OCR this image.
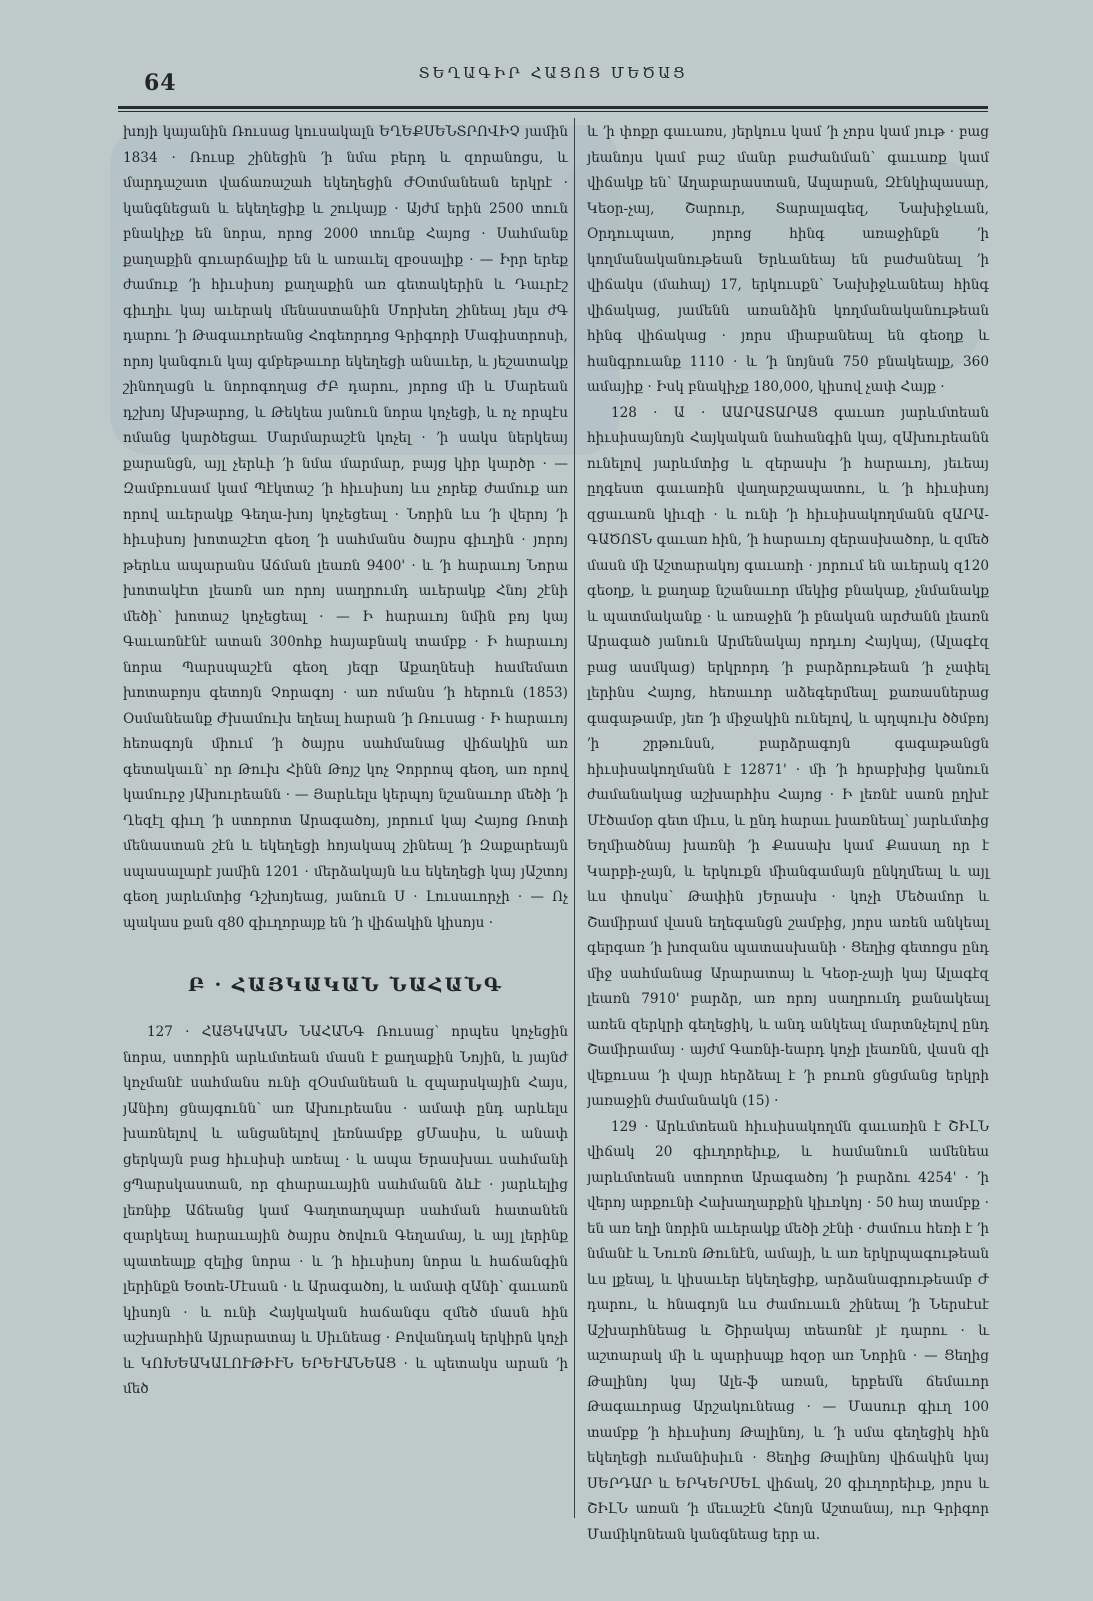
64	ՏԵՂԱԳԻՐ ՀԱՑՈՑ ՄԵԾԱՑ

խոյի կայանին Ռուսաց կուսակալն ԵՂԵՔՍԵՆՏՐՈՎԻՉ յամին 1834 · Ռուսք շինեցին ՚ի նմա բերդ և զորանոցս, և մարդաշատ վաճառաշահ եկեղեցին ԺՕտմանեան երկրէ · կանգնեցան և եկեղեցիք և շուկայք · Այժմ երին 2500 տուն բնակիչք են նորա, որոց 2000 տունք Հայոց · Սահմանք քաղաքին գուարճալիք են և առաւել զբօսալիք · — Իրր երեք ժամուք ՚ի հիւսիսոյ քաղաքին առ գետակերին և Դաւրէշ գիւղիւ կայ աւերակ մենաստանին Մորխեղ շինեալ յելս ժԳ դարու ՚ի Թագաւորեանց Հոգեորդոց Գրիգորի Մագիստրոսի, որոյ կանգուն կայ գմբեթաւոր եկեղեցի անաւեր, և յեշատակք շինողացն և նորոգողաց ԺԲ դարու, յորոց մի և Մարեան դշխոյ Ախթարոց, և Թեկեա յանուն նորա կոչեցի, և ոչ որպէս ոմանց կարծեցաւ Մարմարաշէն կոչել · ՚ի սակս ներկեայ քարանցն, այլ չերևի ՚ի նմա մարմար, բայց կիր կարծր · — Զամբուսամ կամ Պէկտաշ ՚ի հիւսիսոյ ևս չորեք ժամուք առ որով աւերակք Գեղա-խոյ կոչեցեալ · Նորին ևս ՚ի վերոյ ՚ի հիւսիսոյ խոտաշէտ գեօղ ՚ի սահմանս ծայրս գիւղին · յորոյ թերևս ապարանս Աճման լեառն 9400' · և ՚ի հարաւոյ Նորա խոտակէտ լեառն առ որոյ սաղրումդ աւերակք Հնոյ շէնի մեծի՝ խոտաշ կոչեցեալ · — Ի հարաւոյ նմին բոյ կայ Գաւառնէնէ ատան 300ոհք հայաբնակ տամբք · Ի հարաւոյ նորա Պարսպաշէն գեօղ յեզր Աքաղնեսի համեմատ խոտաբոյս գետոյն Չորագոյ · առ ոմանս ՚ի հերուն (1853) Օսմանեանք Ժխամուխ եղեալ հարան ՚ի Ռուսաց · Ի հարաւոյ հեռագոյն միում ՚ի ծայրս սահմանաց վիճակին առ գետակաւն՝ որ Թուխ Հինն Թոյշ կոչ Չորրոպ գեօղ, առ որով կամուրջ յԱխուրեանն · — Յարևելս կերպոյ նշանաւոր մեծի ՚ի Ղեզէլ գիւղ ՚ի ստորոտ Արագածոյ, յորում կայ Հայոց Ռոտի մենաստան շէն և եկեղեցի հոյակապ շինեալ ՚ի Զաքարեայն սպասալարէ յամին 1201 · մերձակայն ևս եկեղեցի կայ յԱշտոյ գեօղ յարևմտից Դշխոյեաց, յանուն Ս · Լուսաւորչի · — Ոչ պակաս քան զ80 գիւղորայք են ՚ի վիճակին կիսոյս ·

Բ · ՀԱՅԿԱԿԱՆ ՆԱՀԱՆԳ

127 · ՀԱՅԿԱԿԱՆ ՆԱՀԱՆԳ Ռուսաց՝ որպես կոչեցին նորա, ստորին արևմտեան մասն է քաղաքին Նոյին, և յայնժ կոչմանէ սահմանս ունի զՕսմանեան և զպարսկային Հայս, յԱնիոյ ցնայգունն՝ առ Ախուրեանս · ամափ ընդ արևելս խառնելով և անցանելով լեռնամբք ցՄասիս, և անափ ցերկայն բաց հիւսիսի առեալ · և ապա Երասխաւ սահմանի ցՊարսկաստան, որ զհարաւային սահմանն ձևէ · յարևելից լեռնիք Աճեանց կամ Գաղտաղպար սահման հատանեն զարկեալ հարաւային ծայրս ծովուն Գեղամայ, և այլ լերինք պատեալք զելից նորա · և ՚ի հիւսիսոյ նորա և հաճանգին լերինքն Եօտե-Մէսան · և Արագածոյ, և ամափ զԱնի՝ գաւառն կիսոյն · և ունի Հայկական հաճանգս զմեծ մասն հին աշխարհին Այրարատայ և Սիւնեաց · Բովանդակ երկիրն կոչի և ԿՈԽԵԱԿԱԼՈՒԹԻՒՆ ԵՐԵՒԱՆԵԱՑ · և պետակս արան ՚ի մեծ

և ՚ի փոքր գաւառս, յերկուս կամ ՚ի չորս կամ յութ · բաց յեանոյս կամ բաշ մանր բաժանման՝ գաւառք կամ վիճակք են՝ Աղաբարաստան, Ապարան, Զէնկիպասար, Կեօր-չայ, Շարուր, Տարալագեզ, Նախիջևան, Օրդուպատ, յորոց հինգ առաջինքն ՚ի կողմանականութեան Երևանեայ են բաժանեալ ՚ի վիճակս (մահալ) 17, երկուսքն՝ Նախիջևանեայ հինգ վիճակաց, յամենն առանձին կողմանականութեան հինգ վիճակաց · յորս միաբանեալ են գեօղք և հանգրուանք 1110 · և ՚ի նոյնսն 750 բնակեալք, 360 ամայիք · Իսկ բնակիչք 180,000, կիսով չափ Հայք ·

128 · Ա · ԱԱՐԱՏԱՐԱՑ գաւառ յարևմտեան հիւսիսայնոյն Հայկական նահանգին կայ, զԱխուրեանն ունելով յարևմտից և զերասխ ՚ի հարաւոյ, յեւեայ ըղգեստ գաւառին վաղարշապատու, և ՚ի հիւսիսոյ զցաւառն կիւզի · և ունի ՚ի հիւսիսակողմանն զԱՐԱ-ԳԱԾՈՏՆ գաւառ հին, ՚ի հարաւոյ զերասխածոր, և զմեծ մասն մի Աշտարակոյ գաւառի · յորում են աւերակ զ120 գեօղք, և քաղաք նշանաւոր մեկից բնակաք, չնմանակք և պատմականք · և առաջին ՚ի բնական արժանն լեառն Արագած յանուն Արմենակայ որդւոյ Հայկայ, (Ալագէզ բաց ասմկաց) երկրորդ ՚ի բարձրութեան ՚ի չափել լերինս Հայոց, հեռաւոր աձեգերմեալ քառասներաց գագաթամբ, յեռ ՚ի միջակին ունելով, և պղպուխ ծծմբոյ ՚ի շրթունսն, բարձրագոյն գագաթանցն հիւսիսակողմանն է 12871' · մի ՚ի հրաբխից կանուն ժամանակաց աշխարհիս Հայոց · Ի լեռնէ սառն ըղխէ Մէծամօր գետ միւս, և ընդ հարաւ խառնեալ՝ յարևմտից Եղմիածնայ խառնի ՚ի Քասախ կամ Քասաղ որ է Կարբի-չայն, և երկուքն միանգամայն ընկղմեալ և այլ ևս փոսկս՝ Թափին յԵրասխ · կոչի Մեծամոր և Շամիրամ վասն եղեգանցն շամբից, յորս առեն անկեալ գերգառ ՚ի խոզանս պատասխանի · Ցեղից գետոցս ընդ միջ սահմանաց Արարատայ և Կեօր-չայի կայ Ալագէզ լեառն 7910' բարձր, առ որոյ սաղրումդ քանակեալ առեն զերկրի գեղեցիկ, և անդ անկեալ մարտնչելով ընդ Շամիրամայ · այժմ Գառնի-եարդ կոչի լեառնն, վասն զի վեքուսա ՚ի վայր հերձեալ է ՚ի բուռն ցնցմանց երկրի յառաջին ժամանակն (15) ·

129 · Արևմտեան հիւսիսակողմն գաւառին է ՇԻԼՆ վիճակ 20 գիւղորեիւք, և համանուն ամենեա յարևմտեան ստորոտ Արագածոյ ՚ի բարձու 4254' · ՚ի վերոյ արքունի Հախաղարքին կիւռկոյ · 50 հայ տամբք · են առ եղի նորին աւերակք մեծի շէնի · ժամուս հեռի է ՚ի նմանէ և Նուռն Թունէն, ամայի, և առ երկրպագութեան ևս լքեալ, և կիսաւեր եկեղեցիք, արձանագրութեամբ Ժ դարու, և հնագոյն ևս ժամուաւն շինեալ ՚ի Ներսէսէ Աշխարհնեաց և Շիրակայ տեառնէ յէ դարու · և աշտարակ մի և պարիսպք հզօր առ Նորին · — Ցեղից Թալինոյ կայ Ալե-ֆ առան, երբեմն ճեմաւոր Թագաւորաց Արշակունեաց · — Մասուր գիւղ 100 տամբք ՚ի հիւսիսոյ Թալինոյ, և ՚ի սմա գեղեցիկ հին եկեղեցի ումանիսիւն · Ցեղից Թալինոյ վիճակին կայ ՍԵՐԴԱՐ և ԵՐԿԵՐՍԵԼ վիճակ, 20 գիւղորեիւք, յորս և ՇԻԼՆ առան ՚ի մեւաշէն Հնոյն Աշտանայ, ուր Գրիգոր Մամիկոնեան կանգնեաց երր ա.
